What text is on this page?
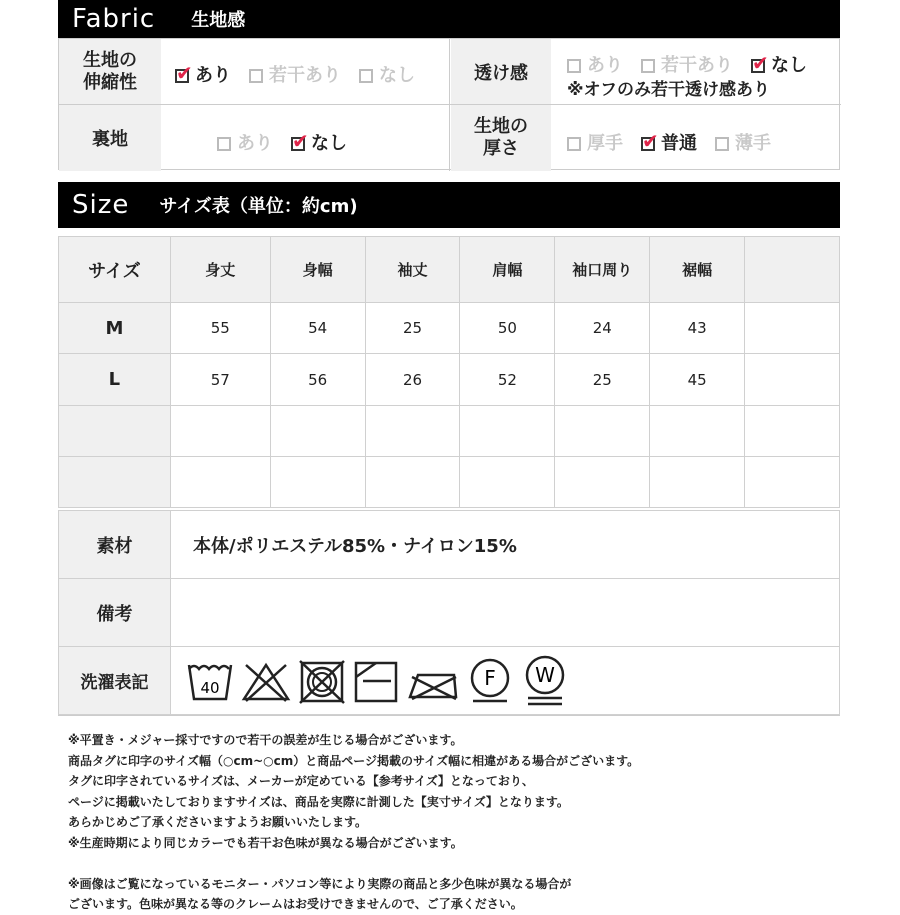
Fabric 生地感
生地の
伸縮性 ✔	あり 若干あり なし	透け感	あり 若干あり ✔ なし
※オフのみ若干透け感あり
裏地	あり ✔ なし
生地の
厚さ	厚手 ✔ 普通 薄手
Size サイズ表（単位：約cm)
サイズ	身丈	身幅	袖丈	肩幅	袖口周り	裾幅	
M	55	54	25	50	24	43	
L	57	56	26	52	25	45	

素材	本体/ポリエステル85%・ナイロン15%
備考	
洗濯表記	40
F
W
※平置き・メジャー採寸ですので若干の誤差が生じる場合がございます。
商品タグに印字のサイズ幅（○cm~○cm）と商品ページ掲載のサイズ幅に相違がある場合がございます。
タグに印字されているサイズは、メーカーが定めている【参考サイズ】となっており、
ページに掲載いたしておりますサイズは、商品を実際に計測した【実寸サイズ】となります。
あらかじめご了承くださいますようお願いいたします。
※生産時期により同じカラーでも若干お色味が異なる場合がございます。

※画像はご覧になっているモニター・パソコン等により実際の商品と多少色味が異なる場合が
ございます。色味が異なる等のクレームはお受けできませんので、ご了承ください。
